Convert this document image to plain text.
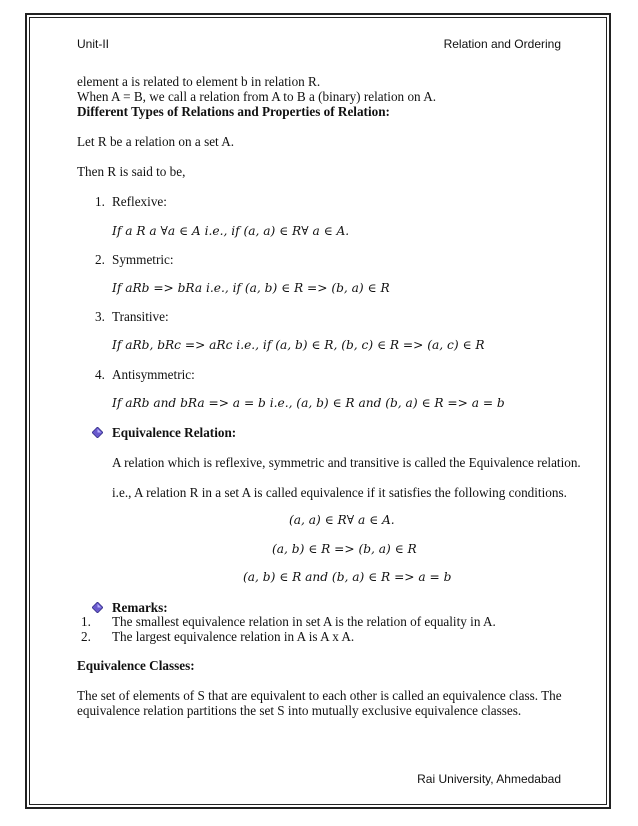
Unit-II	Relation and Ordering
element a is related to element b in relation R.
When A = B, we call a relation from A to B a (binary) relation on A.
Different Types of Relations and Properties of Relation:
Let R be a relation on a set A.
Then R is said to be,
1. Reflexive:
If a R a ∀a ∈ A i.e., if (a, a) ∈ R∀ a ∈ A.
2. Symmetric:
If aRb => bRa i.e., if (a, b) ∈ R => (b, a) ∈ R
3. Transitive:
If aRb, bRc => aRc i.e., if (a, b) ∈ R, (b, c) ∈ R => (a, c) ∈ R
4. Antisymmetric:
If aRb and bRa => a = b i.e., (a, b) ∈ R and (b, a) ∈ R => a = b
Equivalence Relation:
A relation which is reflexive, symmetric and transitive is called the Equivalence relation.
i.e., A relation R in a set A is called equivalence if it satisfies the following conditions.
(a, a) ∈ R∀ a ∈ A.
(a, b) ∈ R => (b, a) ∈ R
(a, b) ∈ R and (b, a) ∈ R => a = b
Remarks:
1. The smallest equivalence relation in set A is the relation of equality in A.
2. The largest equivalence relation in A is A x A.
Equivalence Classes:
The set of elements of S that are equivalent to each other is called an equivalence class. The
equivalence relation partitions the set S into mutually exclusive equivalence classes.
Rai University, Ahmedabad
